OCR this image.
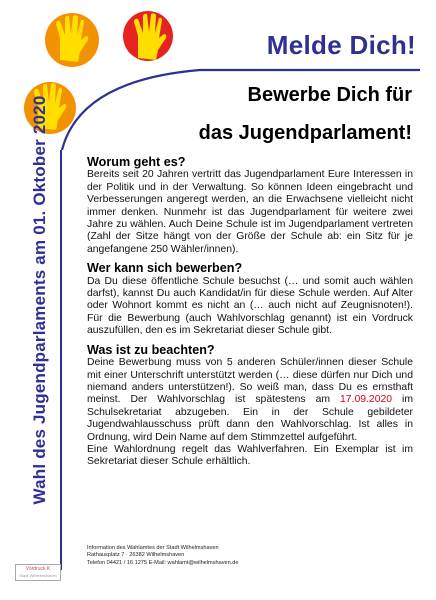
Melde Dich!
Bewerbe Dich für
das Jugendparlament!
Wahl des Jugendparlaments am 01. Oktober 2020	Worum geht es?

Bereits seit 20 Jahren vertritt das Jugendparlament Eure Interessen in der Politik und in der Verwaltung. So können Ideen eingebracht und Verbesserungen angeregt werden, an die Erwachsene vielleicht nicht immer denken. Nunmehr ist das Jugendparlament für weitere zwei Jahre zu wählen. Auch Deine Schule ist im Jugendparlament vertreten (Zahl der Sitze hängt von der Größe der Schule ab: ein Sitz für je angefangene 250 Wähler/innen).

Wer kann sich bewerben?

Da Du diese öffentliche Schule besuchst (… und somit auch wählen darfst), kannst Du auch Kandidat/in für diese Schule werden. Auf Alter oder Wohnort kommt es nicht an (… auch nicht auf Zeugnisnoten!). Für die Bewerbung (auch Wahlvorschlag genannt) ist ein Vordruck auszufüllen, den es im Sekretariat dieser Schule gibt.

Was ist zu beachten?

Deine Bewerbung muss von 5 anderen Schüler/innen dieser Schule mit einer Unterschrift unterstützt werden (… diese dürfen nur Dich und niemand anders unterstützen!). So weiß man, dass Du es ernsthaft meinst. Der Wahlvorschlag ist spätestens am 17.09.2020 im Schulsekretariat abzugeben. Ein in der Schule gebildeter Jugendwahlausschuss prüft dann den Wahlvorschlag. Ist alles in Ordnung, wird Dein Name auf dem Stimmzettel aufgeführt.

Eine Wahlordnung regelt das Wahlverfahren. Ein Exemplar ist im Sekretariat dieser Schule erhältlich.

Information des Wahlamtes der Stadt Wilhelmshaven
Rathausplatz 7 · 26382 Wilhelmshaven
Telefon 04421 / 16 1275 E-Mail: wahlamt@wilhelmshaven.de
Vordruck K
Stadt Wilhelmshaven
